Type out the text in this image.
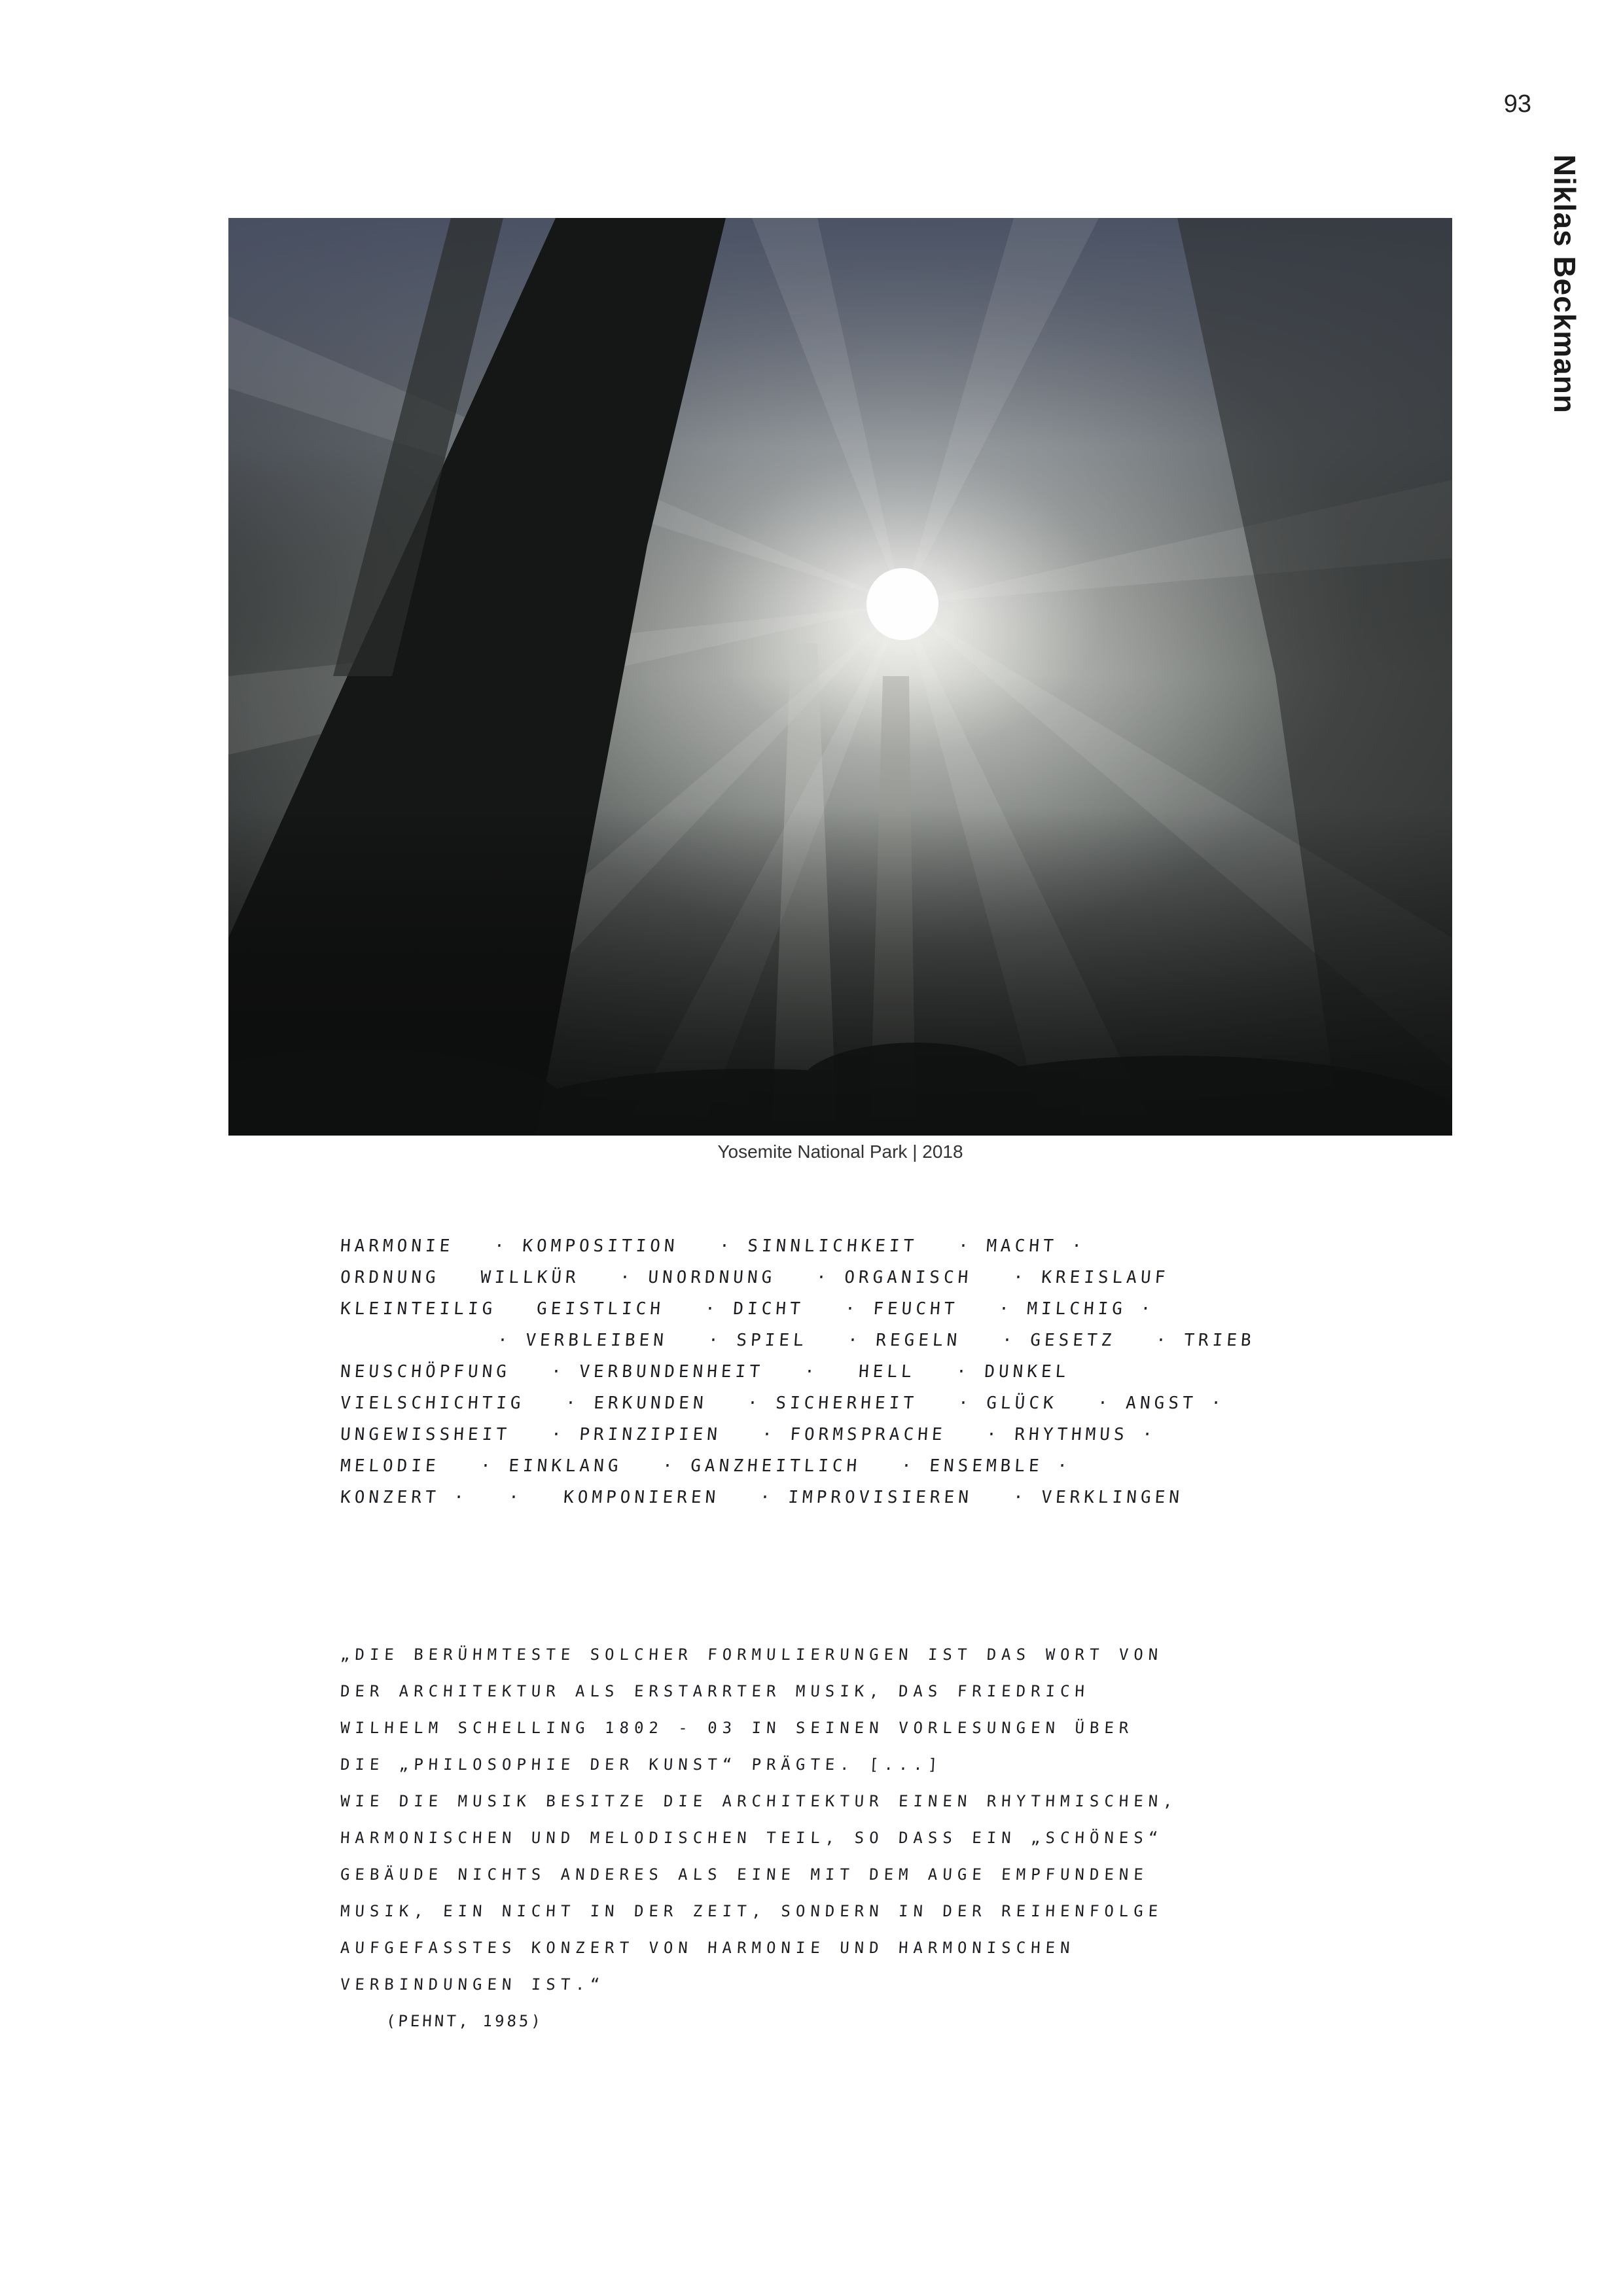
93
Niklas Beckmann
Yosemite National Park | 2018
HARMONIE · KOMPOSITION · SINNLICHKEIT · MACHT ·
ORDNUNG WILLKÜR · UNORDNUNG · ORGANISCH · KREISLAUF
KLEINTEILIG GEISTLICH · DICHT · FEUCHT · MILCHIG ·
· VERBLEIBEN · SPIEL · REGELN · GESETZ · TRIEB
NEUSCHÖPFUNG · VERBUNDENHEIT · HELL · DUNKEL
VIELSCHICHTIG · ERKUNDEN · SICHERHEIT · GLÜCK · ANGST ·
UNGEWISSHEIT · PRINZIPIEN · FORMSPRACHE · RHYTHMUS ·
MELODIE · EINKLANG · GANZHEITLICH · ENSEMBLE ·
KONZERT · · KOMPONIEREN · IMPROVISIEREN · VERKLINGEN
„DIE BERÜHMTESTE SOLCHER FORMULIERUNGEN IST DAS WORT VON
DER ARCHITEKTUR ALS ERSTARRTER MUSIK, DAS FRIEDRICH
WILHELM SCHELLING 1802 - 03 IN SEINEN VORLESUNGEN ÜBER
DIE „PHILOSOPHIE DER KUNST“ PRÄGTE. [...]
WIE DIE MUSIK BESITZE DIE ARCHITEKTUR EINEN RHYTHMISCHEN,
HARMONISCHEN UND MELODISCHEN TEIL, SO DASS EIN „SCHÖNES“
GEBÄUDE NICHTS ANDERES ALS EINE MIT DEM AUGE EMPFUNDENE
MUSIK, EIN NICHT IN DER ZEIT, SONDERN IN DER REIHENFOLGE
AUFGEFASSTES KONZERT VON HARMONIE UND HARMONISCHEN
VERBINDUNGEN IST.“
(PEHNT, 1985)
